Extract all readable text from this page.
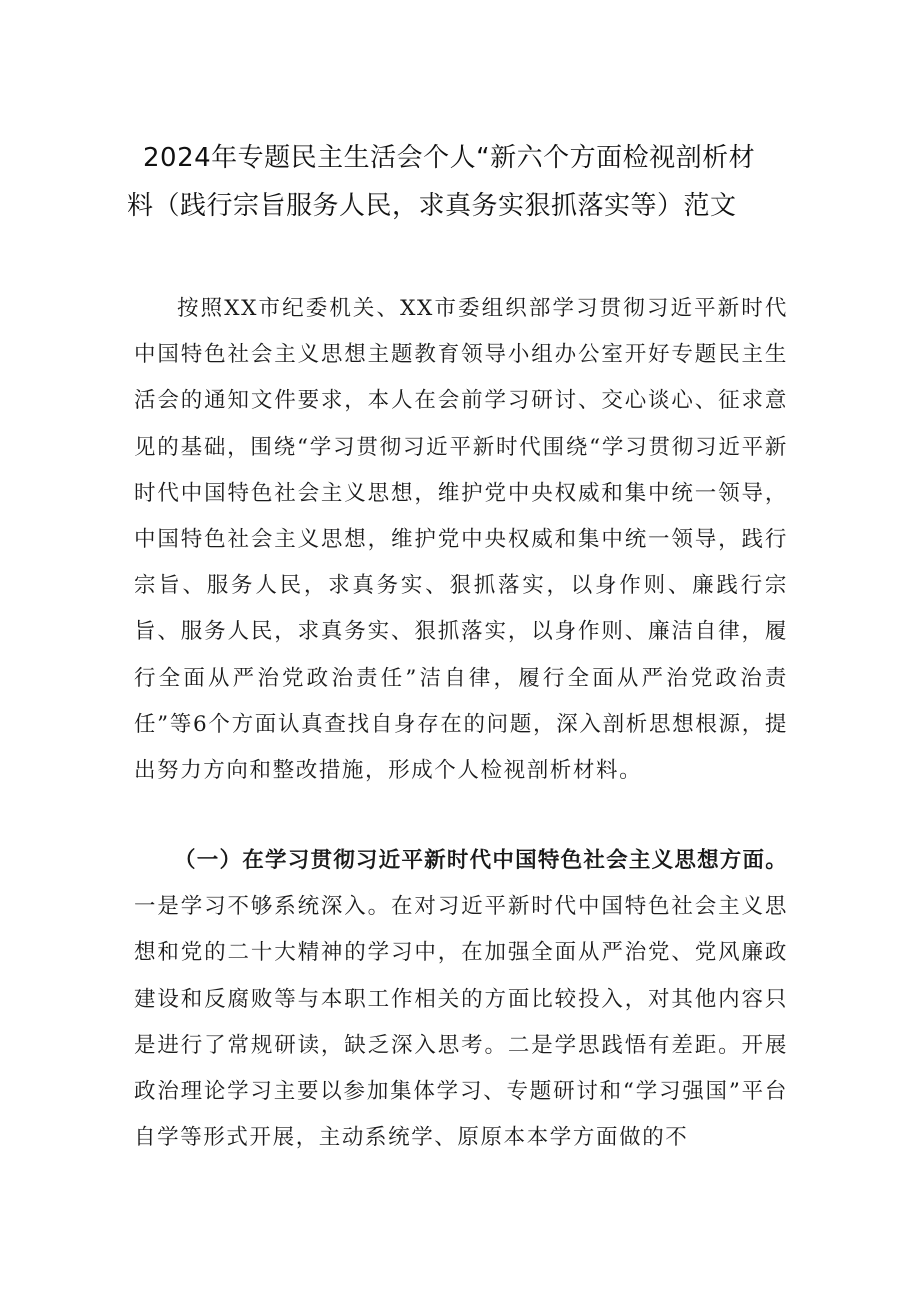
2024年专题民主生活会个人“新六个方面检视剖析材
料（践行宗旨服务人民，求真务实狠抓落实等）范文

按照XX市纪委机关、XX市委组织部学习贯彻习近平新时代中国特色社会主义思想主题教育领导小组办公室开好专题民主生活会的通知文件要求，本人在会前学习研讨、交心谈心、征求意见的基础，围绕“学习贯彻习近平新时代围绕“学习贯彻习近平新时代中国特色社会主义思想，维护党中央权威和集中统一领导，中国特色社会主义思想，维护党中央权威和集中统一领导，践行宗旨、服务人民，求真务实、狠抓落实，以身作则、廉践行宗旨、服务人民，求真务实、狠抓落实，以身作则、廉洁自律，履行全面从严治党政治责任”洁自律，履行全面从严治党政治责任”等6个方面认真查找自身存在的问题，深入剖析思想根源，提出努力方向和整改措施，形成个人检视剖析材料。

（一）在学习贯彻习近平新时代中国特色社会主义思想方面。一是学习不够系统深入。在对习近平新时代中国特色社会主义思想和党的二十大精神的学习中，在加强全面从严治党、党风廉政建设和反腐败等与本职工作相关的方面比较投入，对其他内容只是进行了常规研读，缺乏深入思考。二是学思践悟有差距。开展政治理论学习主要以参加集体学习、专题研讨和“学习强国”平台自学等形式开展，主动系统学、原原本本学方面做的不
